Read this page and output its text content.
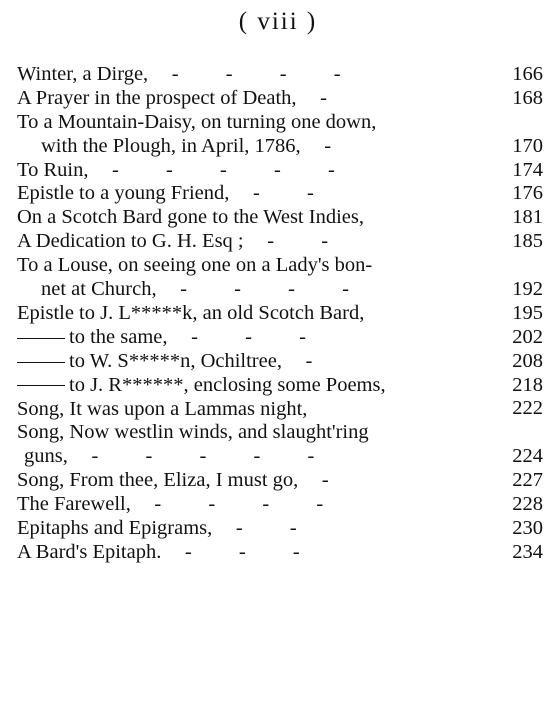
( viii )
Winter, a Dirge, - - - -	166
A Prayer in the prospect of Death, -	168
To a Mountain-Daisy, on turning one down,
with the Plough, in April, 1786, -	170
To Ruin, - - - - -	174
Epistle to a young Friend, - -	176
On a Scotch Bard gone to the West Indies,	181
A Dedication to G. H. Esq ; - -	185
To a Louse, on seeing one on a Lady's bon-
net at Church, - - - -	192
Epistle to J. L*****k, an old Scotch Bard,	195
to the same, - - -	202
to W. S*****n, Ochiltree, -	208
to J. R******, enclosing some Poems,	218
Song, It was upon a Lammas night,	222
Song, Now westlin winds, and slaught'ring
guns, - - - - -	224
Song, From thee, Eliza, I must go, -	227
The Farewell, - - - -	228
Epitaphs and Epigrams, - -	230
A Bard's Epitaph. - - -	234
